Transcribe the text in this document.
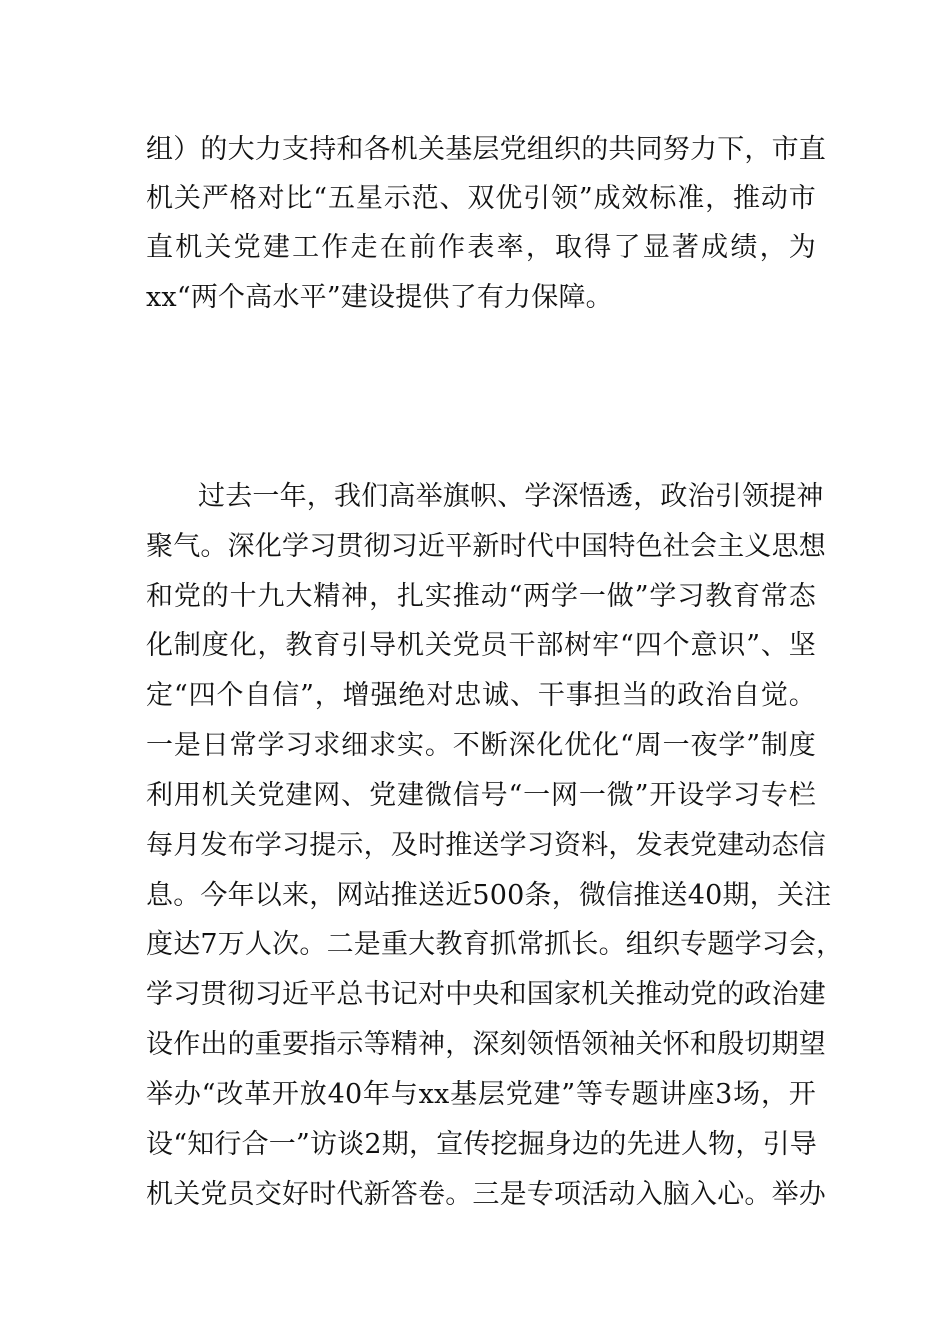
组）的大力支持和各机关基层党组织的共同努力下，市直
机关严格对比“五星示范、双优引领”成效标准，推动市
直机关党建工作走在前作表率，取得了显著成绩，为
xx“两个高水平”建设提供了有力保障。
过去一年，我们高举旗帜、学深悟透，政治引领提神
聚气。深化学习贯彻习近平新时代中国特色社会主义思想
和党的十九大精神，扎实推动“两学一做”学习教育常态
化制度化，教育引导机关党员干部树牢“四个意识”、坚
定“四个自信”，增强绝对忠诚、干事担当的政治自觉。
一是日常学习求细求实。不断深化优化“周一夜学”制度
利用机关党建网、党建微信号“一网一微”开设学习专栏
每月发布学习提示，及时推送学习资料，发表党建动态信
息。今年以来，网站推送近500条，微信推送40期，关注
度达7万人次。二是重大教育抓常抓长。组织专题学习会，
学习贯彻习近平总书记对中央和国家机关推动党的政治建
设作出的重要指示等精神，深刻领悟领袖关怀和殷切期望
举办“改革开放40年与xx基层党建”等专题讲座3场，开
设“知行合一”访谈2期，宣传挖掘身边的先进人物，引导
机关党员交好时代新答卷。三是专项活动入脑入心。举办
